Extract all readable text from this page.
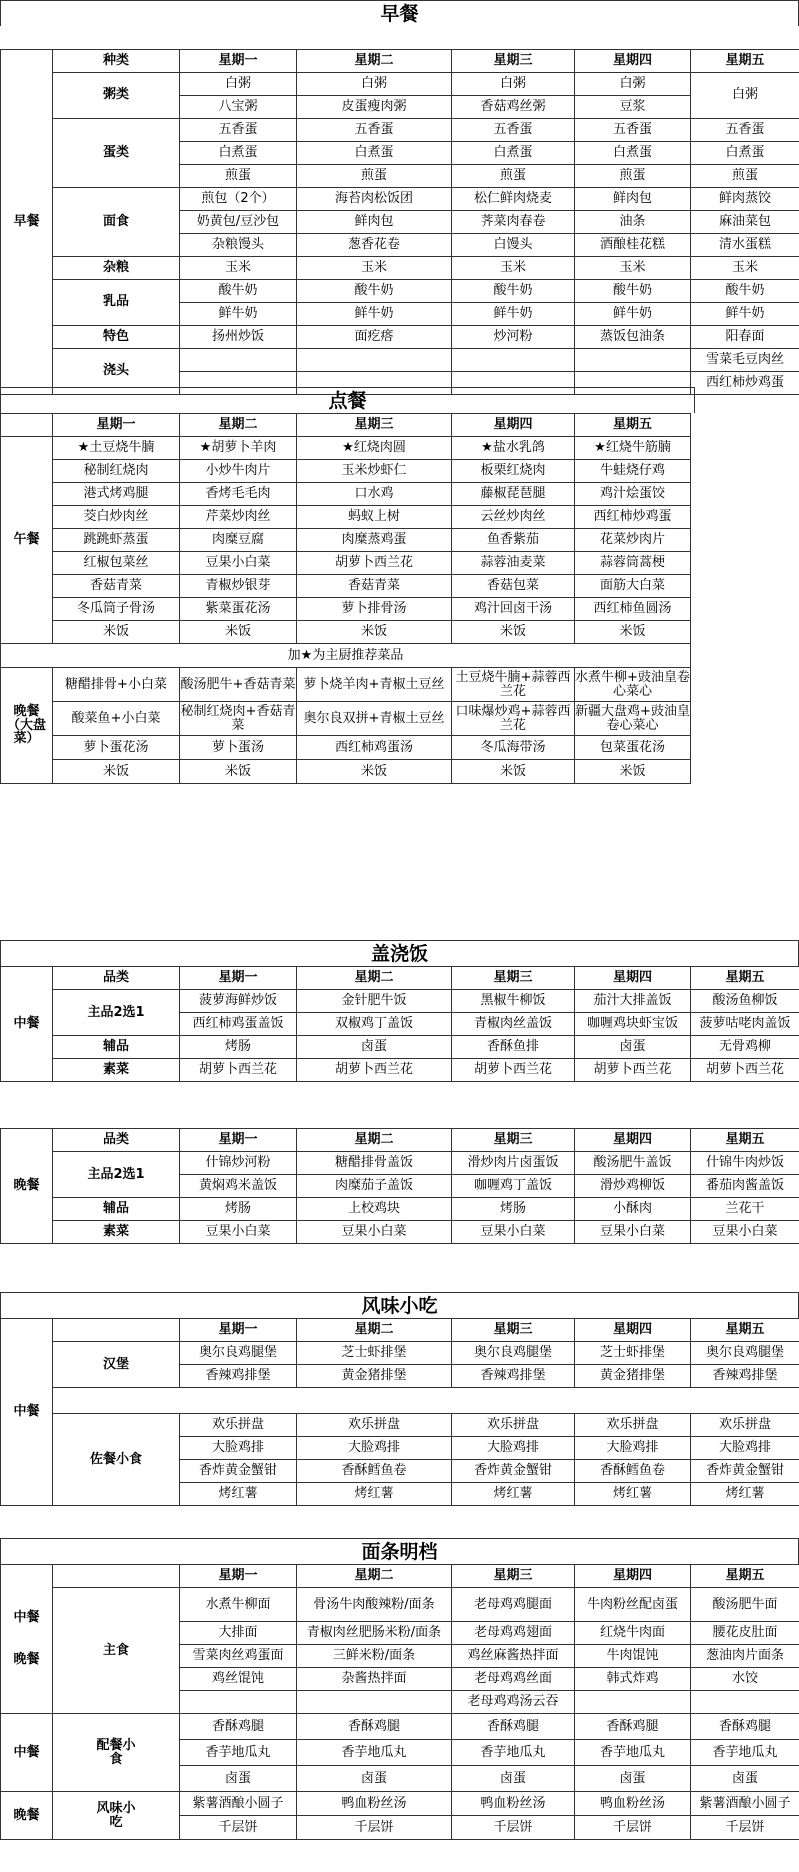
早餐

早餐	种类	星期一	星期二	星期三	星期四	星期五
	粥类	白粥	白粥	白粥	白粥	白粥
		八宝粥	皮蛋瘦肉粥	香菇鸡丝粥	豆浆	
	蛋类	五香蛋	五香蛋	五香蛋	五香蛋	五香蛋
		白煮蛋	白煮蛋	白煮蛋	白煮蛋	白煮蛋
		煎蛋	煎蛋	煎蛋	煎蛋	煎蛋
	面食	煎包（2个）	海苔肉松饭团	松仁鲜肉烧麦	鲜肉包	鲜肉蒸饺
		奶黄包/豆沙包	鲜肉包	荠菜肉春卷	油条	麻油菜包
		杂粮馒头	葱香花卷	白馒头	酒酿桂花糕	清水蛋糕
	杂粮	玉米	玉米	玉米	玉米	玉米
	乳品	酸牛奶	酸牛奶	酸牛奶	酸牛奶	酸牛奶
		鲜牛奶	鲜牛奶	鲜牛奶	鲜牛奶	鲜牛奶
	特色	扬州炒饭	面疙瘩	炒河粉	蒸饭包油条	阳春面
	浇头					雪菜毛豆肉丝
						西红柿炒鸡蛋
点餐
	星期一	星期二	星期三	星期四	星期五
午餐	★土豆烧牛腩	★胡萝卜羊肉	★红烧肉圆	★盐水乳鸽	★红烧牛筋腩
	秘制红烧肉	小炒牛肉片	玉米炒虾仁	板栗红烧肉	牛蛙烧仔鸡
	港式烤鸡腿	香烤毛毛肉	口水鸡	藤椒琵琶腿	鸡汁烩蛋饺
	茭白炒肉丝	芹菜炒肉丝	蚂蚁上树	云丝炒肉丝	西红柿炒鸡蛋
	跳跳虾蒸蛋	肉糜豆腐	肉糜蒸鸡蛋	鱼香紫茄	花菜炒肉片
	红椒包菜丝	豆果小白菜	胡萝卜西兰花	蒜蓉油麦菜	蒜蓉筒蒿梗
	香菇青菜	青椒炒银芽	香菇青菜	香菇包菜	面筋大白菜
	冬瓜筒子骨汤	紫菜蛋花汤	萝卜排骨汤	鸡汁回卤干汤	西红柿鱼圆汤
	米饭	米饭	米饭	米饭	米饭
加★为主厨推荐菜品					
晚餐（大盘菜）	糖醋排骨+小白菜	酸汤肥牛+香菇青菜	萝卜烧羊肉+青椒土豆丝	土豆烧牛腩+蒜蓉西兰花	水煮牛柳+豉油皇卷心菜心
	酸菜鱼+小白菜	秘制红烧肉+香菇青菜	奥尔良双拼+青椒土豆丝	口味爆炒鸡+蒜蓉西兰花	新疆大盘鸡+豉油皇卷心菜心
	萝卜蛋花汤	萝卜蛋汤	西红柿鸡蛋汤	冬瓜海带汤	包菜蛋花汤
	米饭	米饭	米饭	米饭	米饭
盖浇饭
中餐	品类	星期一	星期二	星期三	星期四	星期五
	主品2选1	菠萝海鲜炒饭	金针肥牛饭	黑椒牛柳饭	茄汁大排盖饭	酸汤鱼柳饭
		西红柿鸡蛋盖饭	双椒鸡丁盖饭	青椒肉丝盖饭	咖喱鸡块虾宝饭	菠萝咕咾肉盖饭
	辅品	烤肠	卤蛋	香酥鱼排	卤蛋	无骨鸡柳
	素菜	胡萝卜西兰花	胡萝卜西兰花	胡萝卜西兰花	胡萝卜西兰花	胡萝卜西兰花
晚餐	品类	星期一	星期二	星期三	星期四	星期五
	主品2选1	什锦炒河粉	糖醋排骨盖饭	滑炒肉片卤蛋饭	酸汤肥牛盖饭	什锦牛肉炒饭
		黄焖鸡米盖饭	肉糜茄子盖饭	咖喱鸡丁盖饭	滑炒鸡柳饭	番茄肉酱盖饭
	辅品	烤肠	上校鸡块	烤肠	小酥肉	兰花干
	素菜	豆果小白菜	豆果小白菜	豆果小白菜	豆果小白菜	豆果小白菜
风味小吃
中餐		星期一	星期二	星期三	星期四	星期五
	汉堡	奥尔良鸡腿堡	芝士虾排堡	奥尔良鸡腿堡	芝士虾排堡	奥尔良鸡腿堡
		香辣鸡排堡	黄金猪排堡	香辣鸡排堡	黄金猪排堡	香辣鸡排堡

	佐餐小食	欢乐拼盘	欢乐拼盘	欢乐拼盘	欢乐拼盘	欢乐拼盘
		大脸鸡排	大脸鸡排	大脸鸡排	大脸鸡排	大脸鸡排
		香炸黄金蟹钳	香酥鳕鱼卷	香炸黄金蟹钳	香酥鳕鱼卷	香炸黄金蟹钳
		烤红薯	烤红薯	烤红薯	烤红薯	烤红薯
面条明档
中餐
晚餐		星期一	星期二	星期三	星期四	星期五
	主食	水煮牛柳面	骨汤牛肉酸辣粉/面条	老母鸡鸡腿面	牛肉粉丝配卤蛋	酸汤肥牛面
		大排面	青椒肉丝肥肠米粉/面条	老母鸡鸡翅面	红烧牛肉面	腰花皮肚面
		雪菜肉丝鸡蛋面	三鲜米粉/面条	鸡丝麻酱热拌面	牛肉馄饨	葱油肉片面条
		鸡丝馄饨	杂酱热拌面	老母鸡鸡丝面	韩式炸鸡	水饺
				老母鸡鸡汤云吞		
中餐	配餐小食	香酥鸡腿	香酥鸡腿	香酥鸡腿	香酥鸡腿	香酥鸡腿
		香芋地瓜丸	香芋地瓜丸	香芋地瓜丸	香芋地瓜丸	香芋地瓜丸
		卤蛋	卤蛋	卤蛋	卤蛋	卤蛋
晚餐	风味小吃	紫薯酒酿小圆子	鸭血粉丝汤	鸭血粉丝汤	鸭血粉丝汤	紫薯酒酿小圆子
		千层饼	千层饼	千层饼	千层饼	千层饼
